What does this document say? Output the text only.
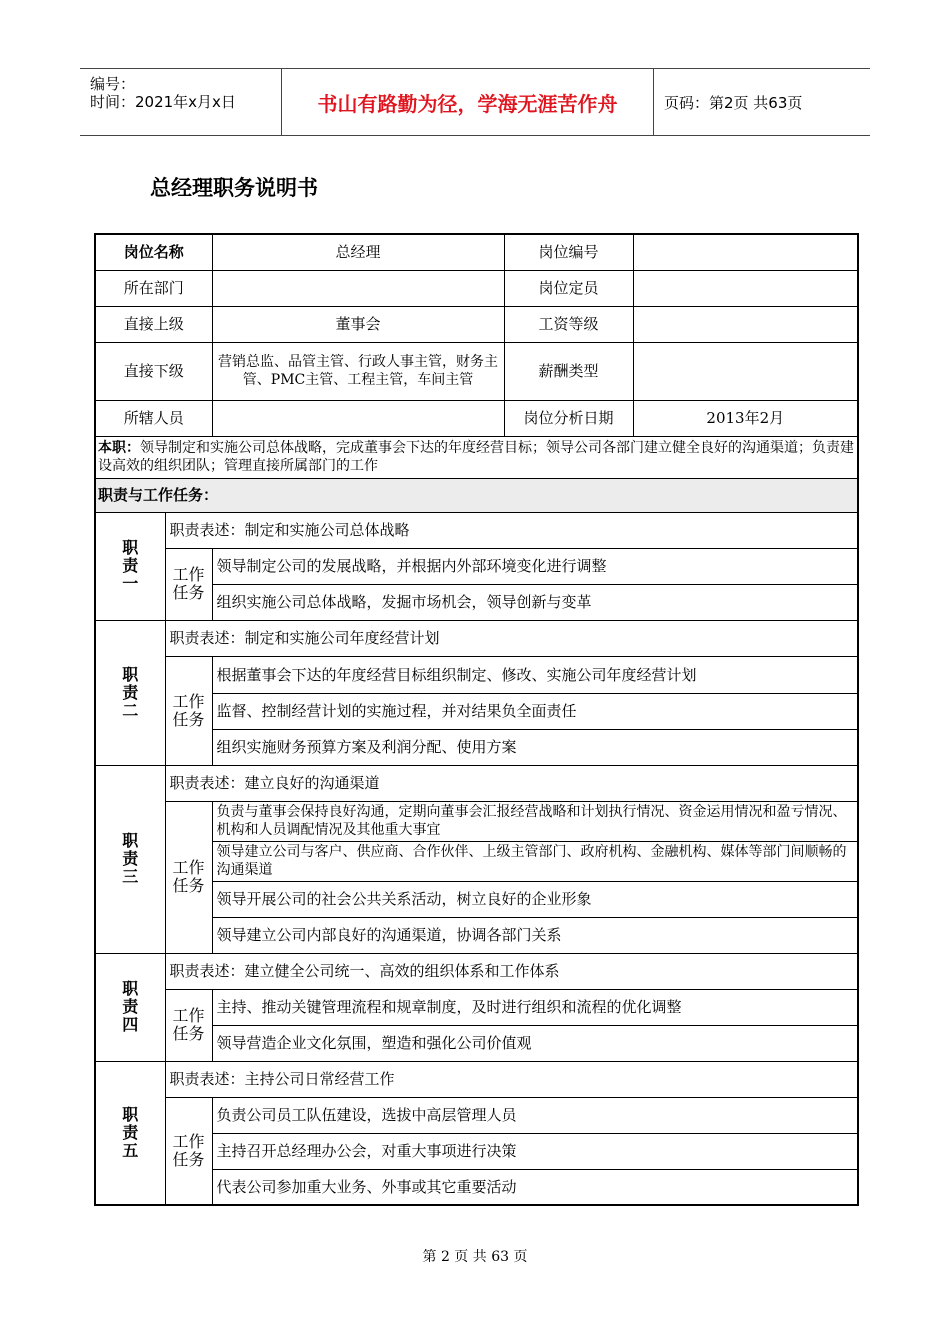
编号：
时间：2021年x月x日	书山有路勤为径，学海无涯苦作舟	页码：第2页 共63页
总经理职务说明书
岗位名称		总经理	岗位编号	
所在部门			岗位定员	
直接上级		董事会	工资等级	
直接下级		营销总监、品管主管、行政人事主管，财务主管、PMC主管、工程主管，车间主管	薪酬类型	
所辖人员			岗位分析日期	2013年2月
本职：领导制定和实施公司总体战略，完成董事会下达的年度经营目标；领导公司各部门建立健全良好的沟通渠道；负责建设高效的组织团队；管理直接所属部门的工作				
职责与工作任务：				
职责一	职责表述：制定和实施公司总体战略			
	工作任务	领导制定公司的发展战略，并根据内外部环境变化进行调整		
		组织实施公司总体战略，发掘市场机会，领导创新与变革		
职责二	职责表述：制定和实施公司年度经营计划			
	工作任务	根据董事会下达的年度经营目标组织制定、修改、实施公司年度经营计划		
		监督、控制经营计划的实施过程，并对结果负全面责任		
		组织实施财务预算方案及利润分配、使用方案		
职责三	职责表述：建立良好的沟通渠道			
	工作任务	负责与董事会保持良好沟通，定期向董事会汇报经营战略和计划执行情况、资金运用情况和盈亏情况、机构和人员调配情况及其他重大事宜		
		领导建立公司与客户、供应商、合作伙伴、上级主管部门、政府机构、金融机构、媒体等部门间顺畅的沟通渠道		
		领导开展公司的社会公共关系活动，树立良好的企业形象		
		领导建立公司内部良好的沟通渠道，协调各部门关系		
职责四	职责表述：建立健全公司统一、高效的组织体系和工作体系			
	工作任务	主持、推动关键管理流程和规章制度，及时进行组织和流程的优化调整		
		领导营造企业文化氛围，塑造和强化公司价值观		
职责五	职责表述：主持公司日常经营工作			
	工作任务	负责公司员工队伍建设，选拔中高层管理人员		
		主持召开总经理办公会，对重大事项进行决策		
		代表公司参加重大业务、外事或其它重要活动		
第 2 页 共 63 页
